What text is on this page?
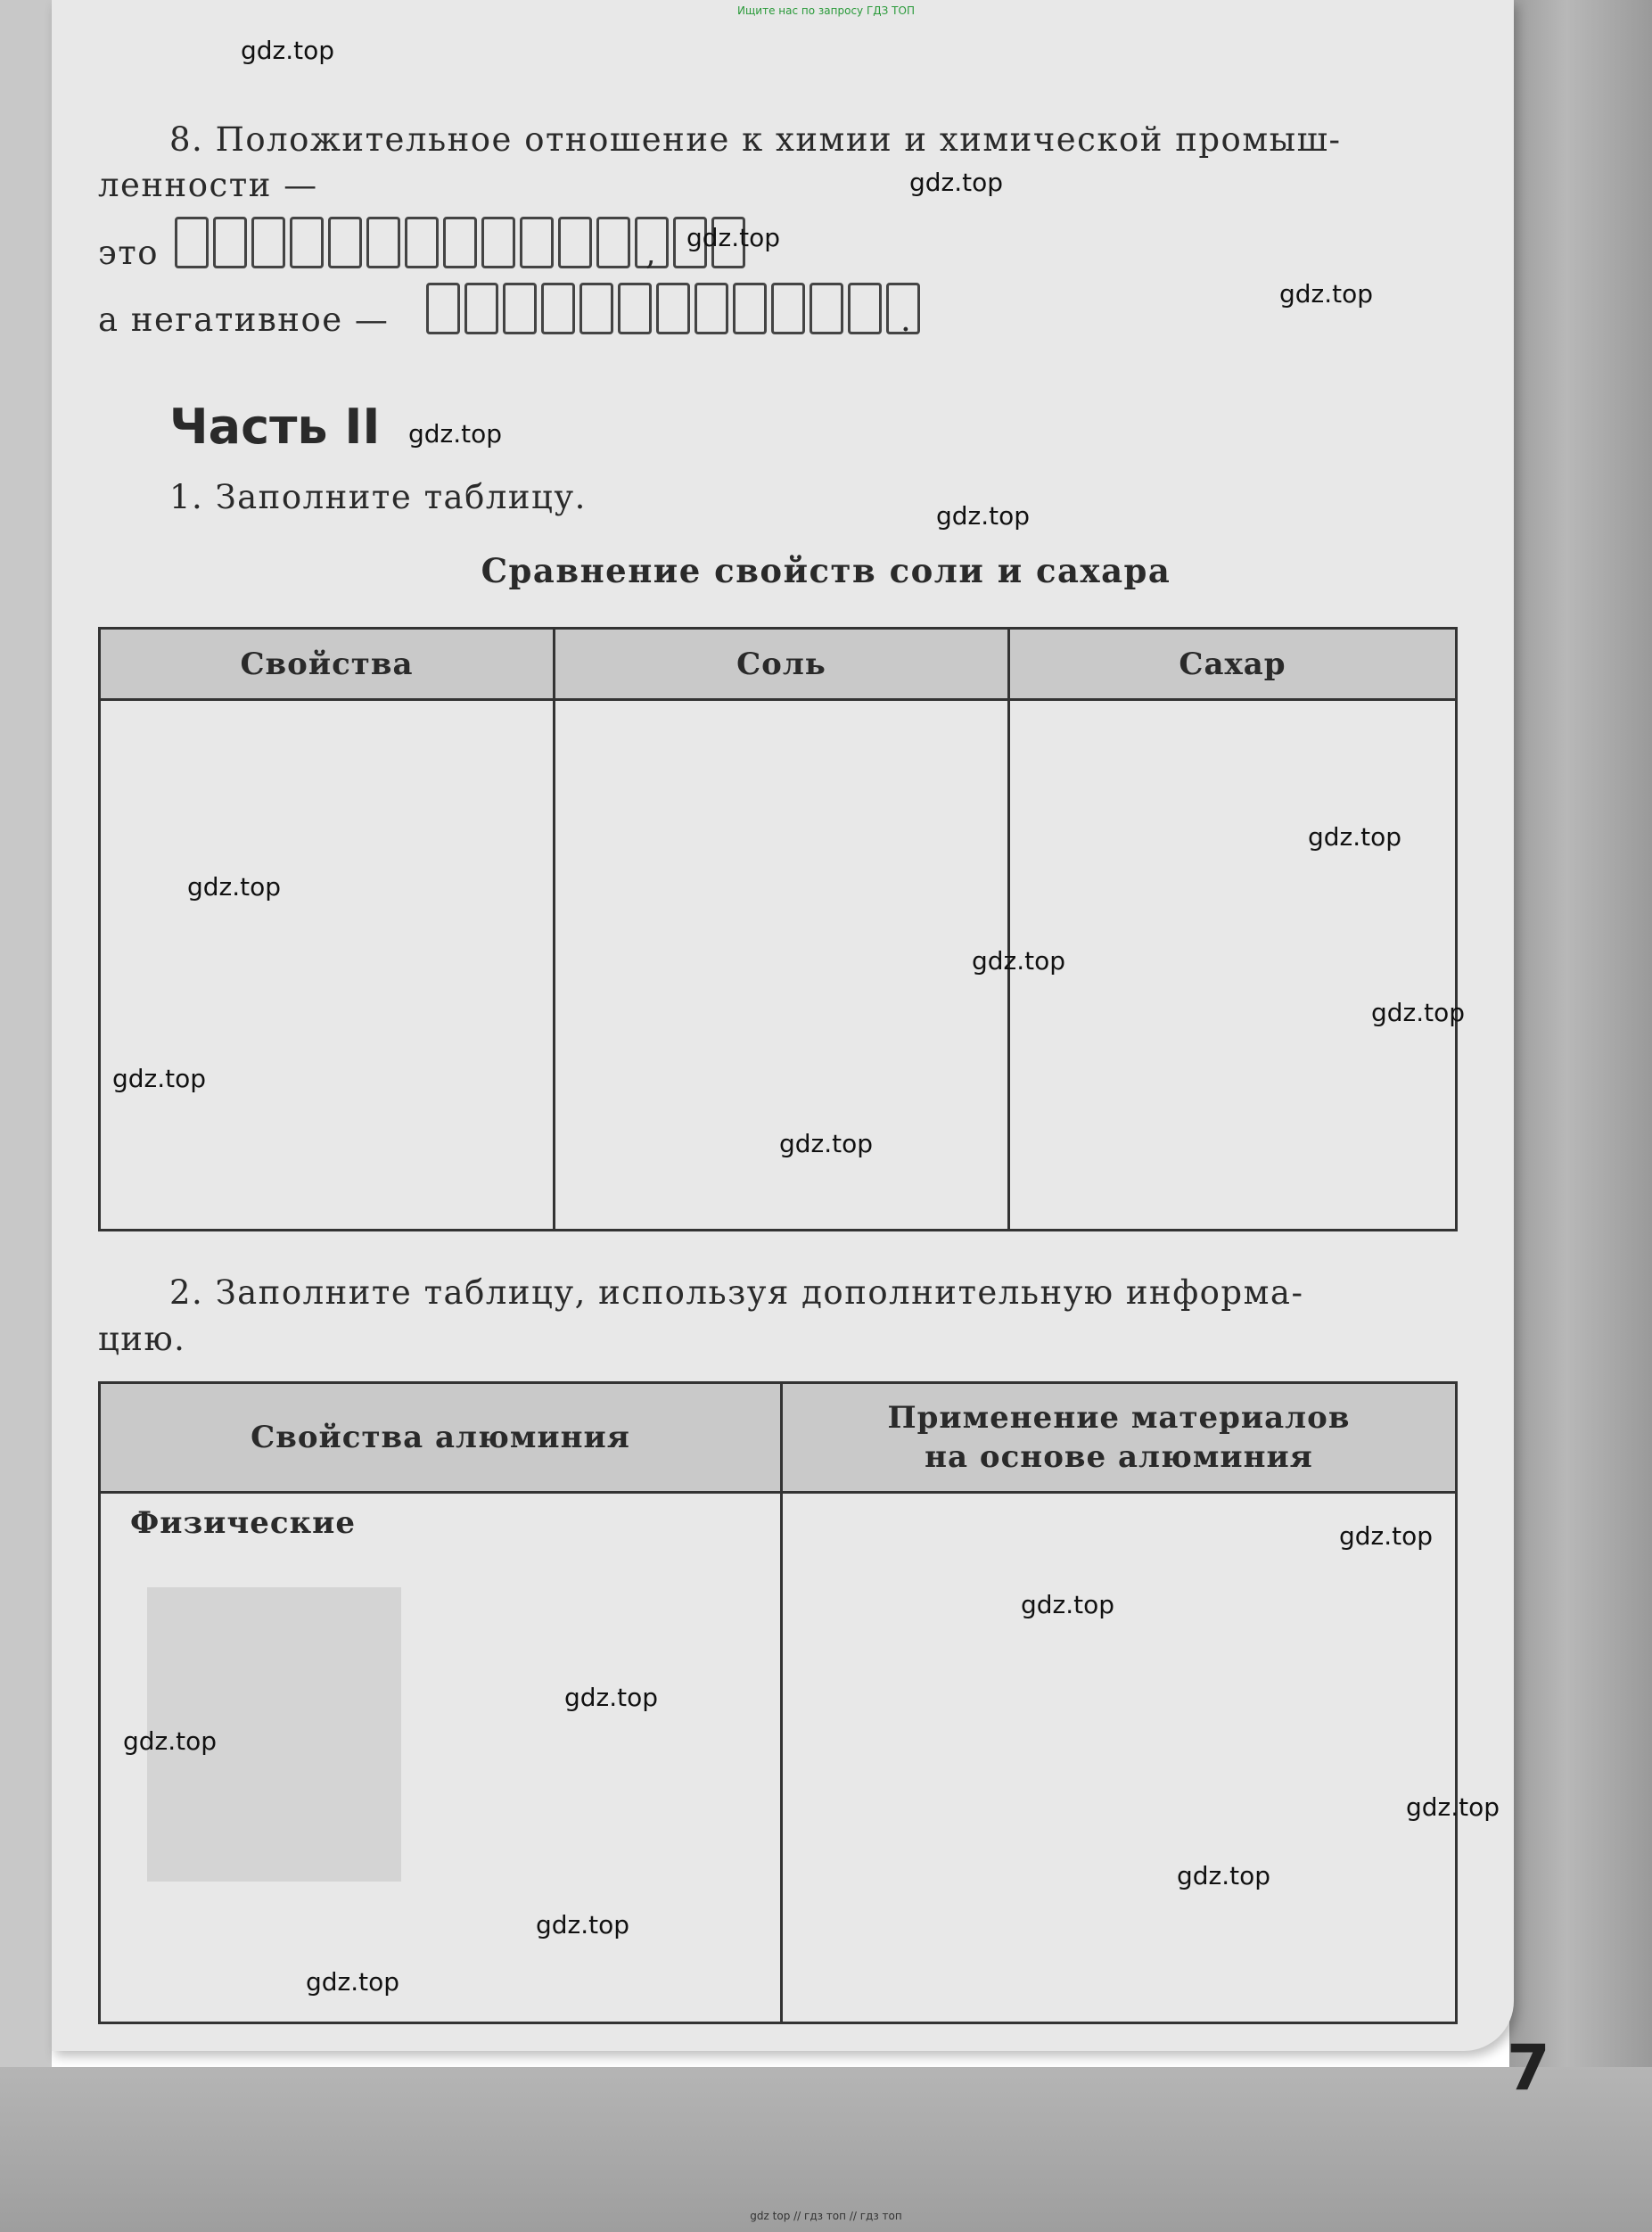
Ищите нас по запросу ГДЗ ТОП
8. Положительное отношение к химии и химической промыш-
ленности —
это	,
а негативное —	.
Часть II
1. Заполните таблицу.
Сравнение свойств соли и сахара
Свойства	Соль	Сахар

2. Заполните таблицу, используя дополнительную информа-
цию.
Свойства алюминия	Применение материалов
на основе алюминия

Физические	

gdz.top
gdz.top
gdz.top
gdz.top
gdz.top
gdz.top
gdz.top
gdz.top
gdz.top
gdz.top
gdz.top
gdz.top
gdz.top
gdz.top
gdz.top
gdz.top
gdz.top
gdz.top
gdz.top
gdz.top
7
gdz top // гдз топ // гдз топ
